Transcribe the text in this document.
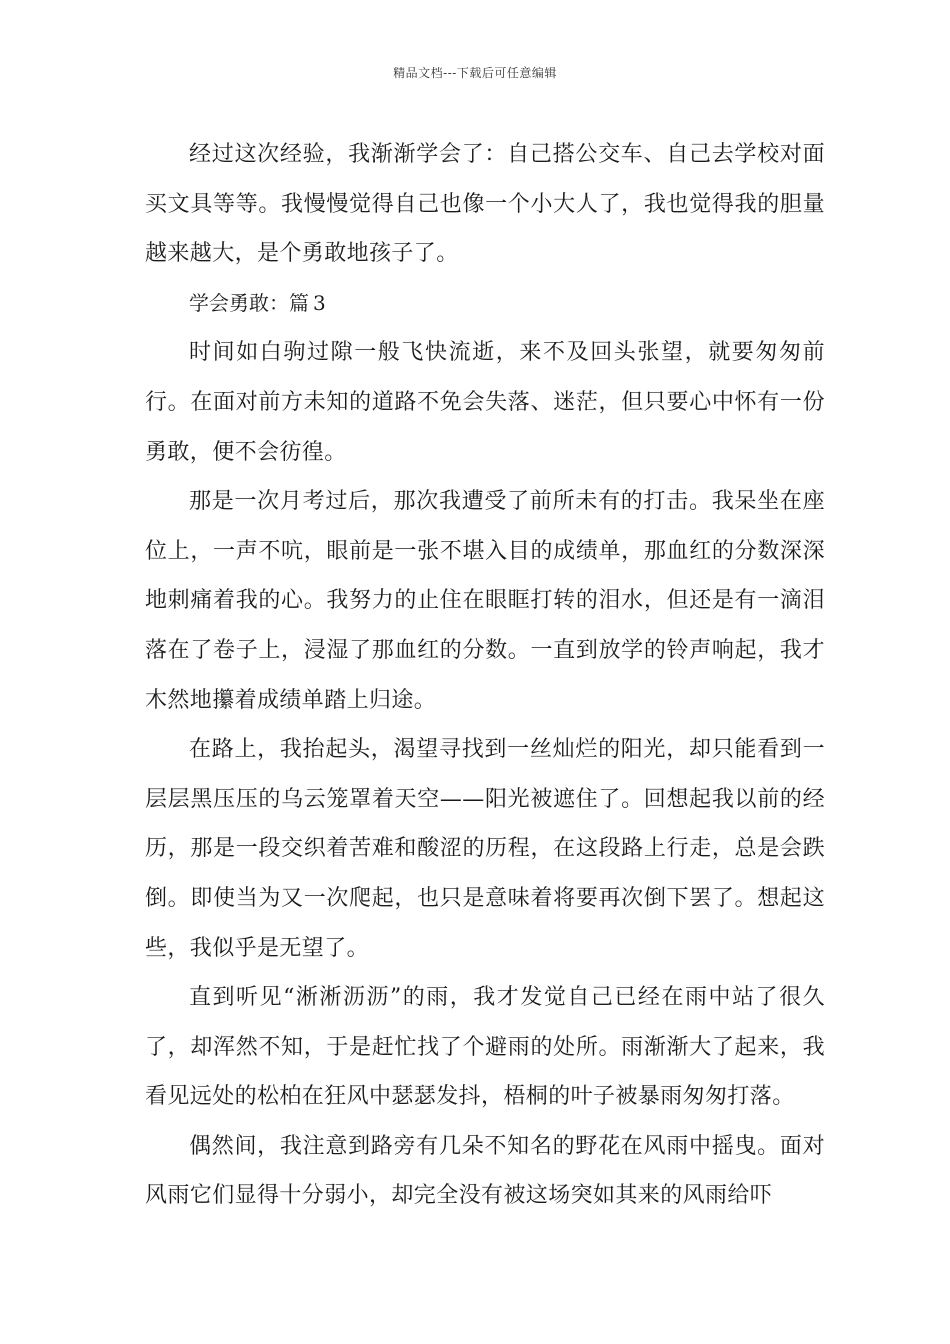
精品文档---下载后可任意编辑

经过这次经验，我渐渐学会了：自己搭公交车、自己去学校对面买文具等等。我慢慢觉得自己也像一个小大人了，我也觉得我的胆量越来越大，是个勇敢地孩子了。

学会勇敢：篇 3

时间如白驹过隙一般飞快流逝，来不及回头张望，就要匆匆前行。在面对前方未知的道路不免会失落、迷茫，但只要心中怀有一份勇敢，便不会彷徨。

那是一次月考过后，那次我遭受了前所未有的打击。我呆坐在座位上，一声不吭，眼前是一张不堪入目的成绩单，那血红的分数深深地刺痛着我的心。我努力的止住在眼眶打转的泪水，但还是有一滴泪落在了卷子上，浸湿了那血红的分数。一直到放学的铃声响起，我才木然地攥着成绩单踏上归途。

在路上，我抬起头，渴望寻找到一丝灿烂的阳光，却只能看到一层层黑压压的乌云笼罩着天空——阳光被遮住了。回想起我以前的经历，那是一段交织着苦难和酸涩的历程，在这段路上行走，总是会跌倒。即使当为又一次爬起，也只是意味着将要再次倒下罢了。想起这些，我似乎是无望了。

直到听见“淅淅沥沥”的雨，我才发觉自己已经在雨中站了很久了，却浑然不知，于是赶忙找了个避雨的处所。雨渐渐大了起来，我看见远处的松柏在狂风中瑟瑟发抖，梧桐的叶子被暴雨匆匆打落。

偶然间，我注意到路旁有几朵不知名的野花在风雨中摇曳。面对风雨它们显得十分弱小，却完全没有被这场突如其来的风雨给吓
